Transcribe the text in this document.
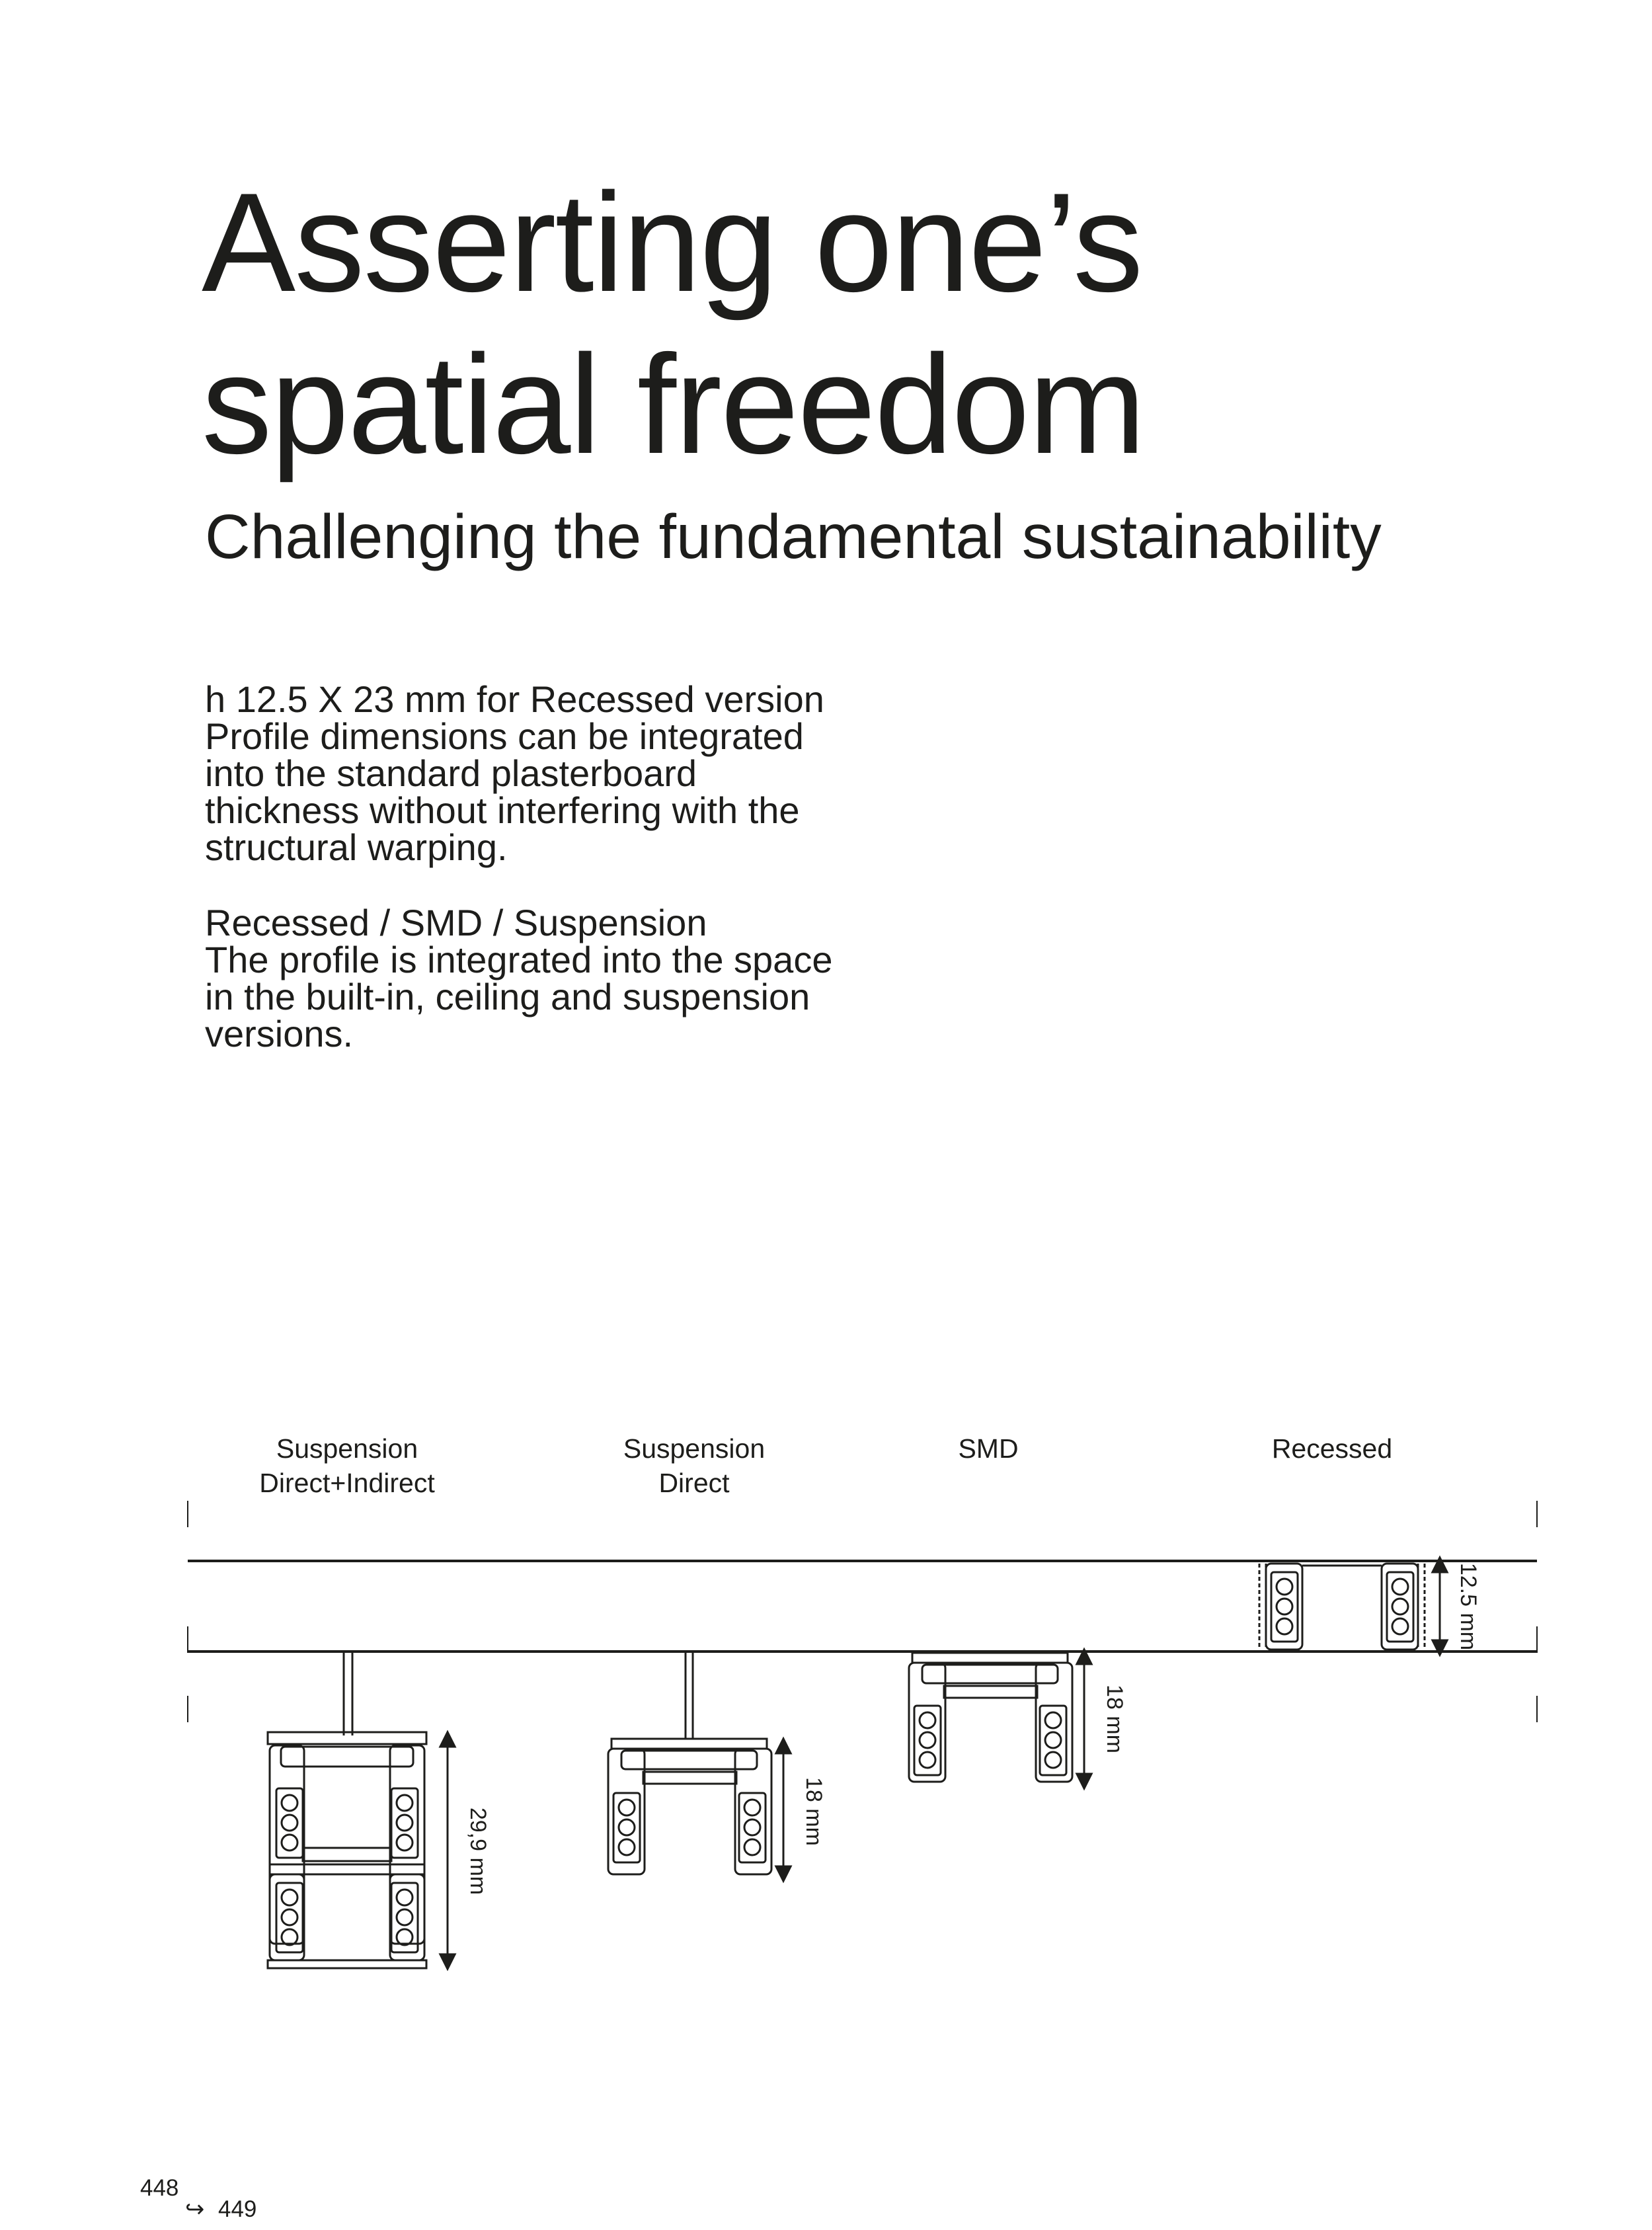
Asserting one’s
spatial freedom
Challenging the fundamental sustainability
h 12.5 X 23 mm for Recessed version
Profile dimensions can be integrated
into the standard plasterboard
thickness without interfering with the
structural warping.
Recessed / SMD / Suspension
The profile is integrated into the space
in the built-in, ceiling and suspension
versions.
Suspension
Direct+Indirect
Suspension
Direct
SMD	Recessed
29,9 mm	18 mm
18 mm
12.5 mm
448
↪ 449
